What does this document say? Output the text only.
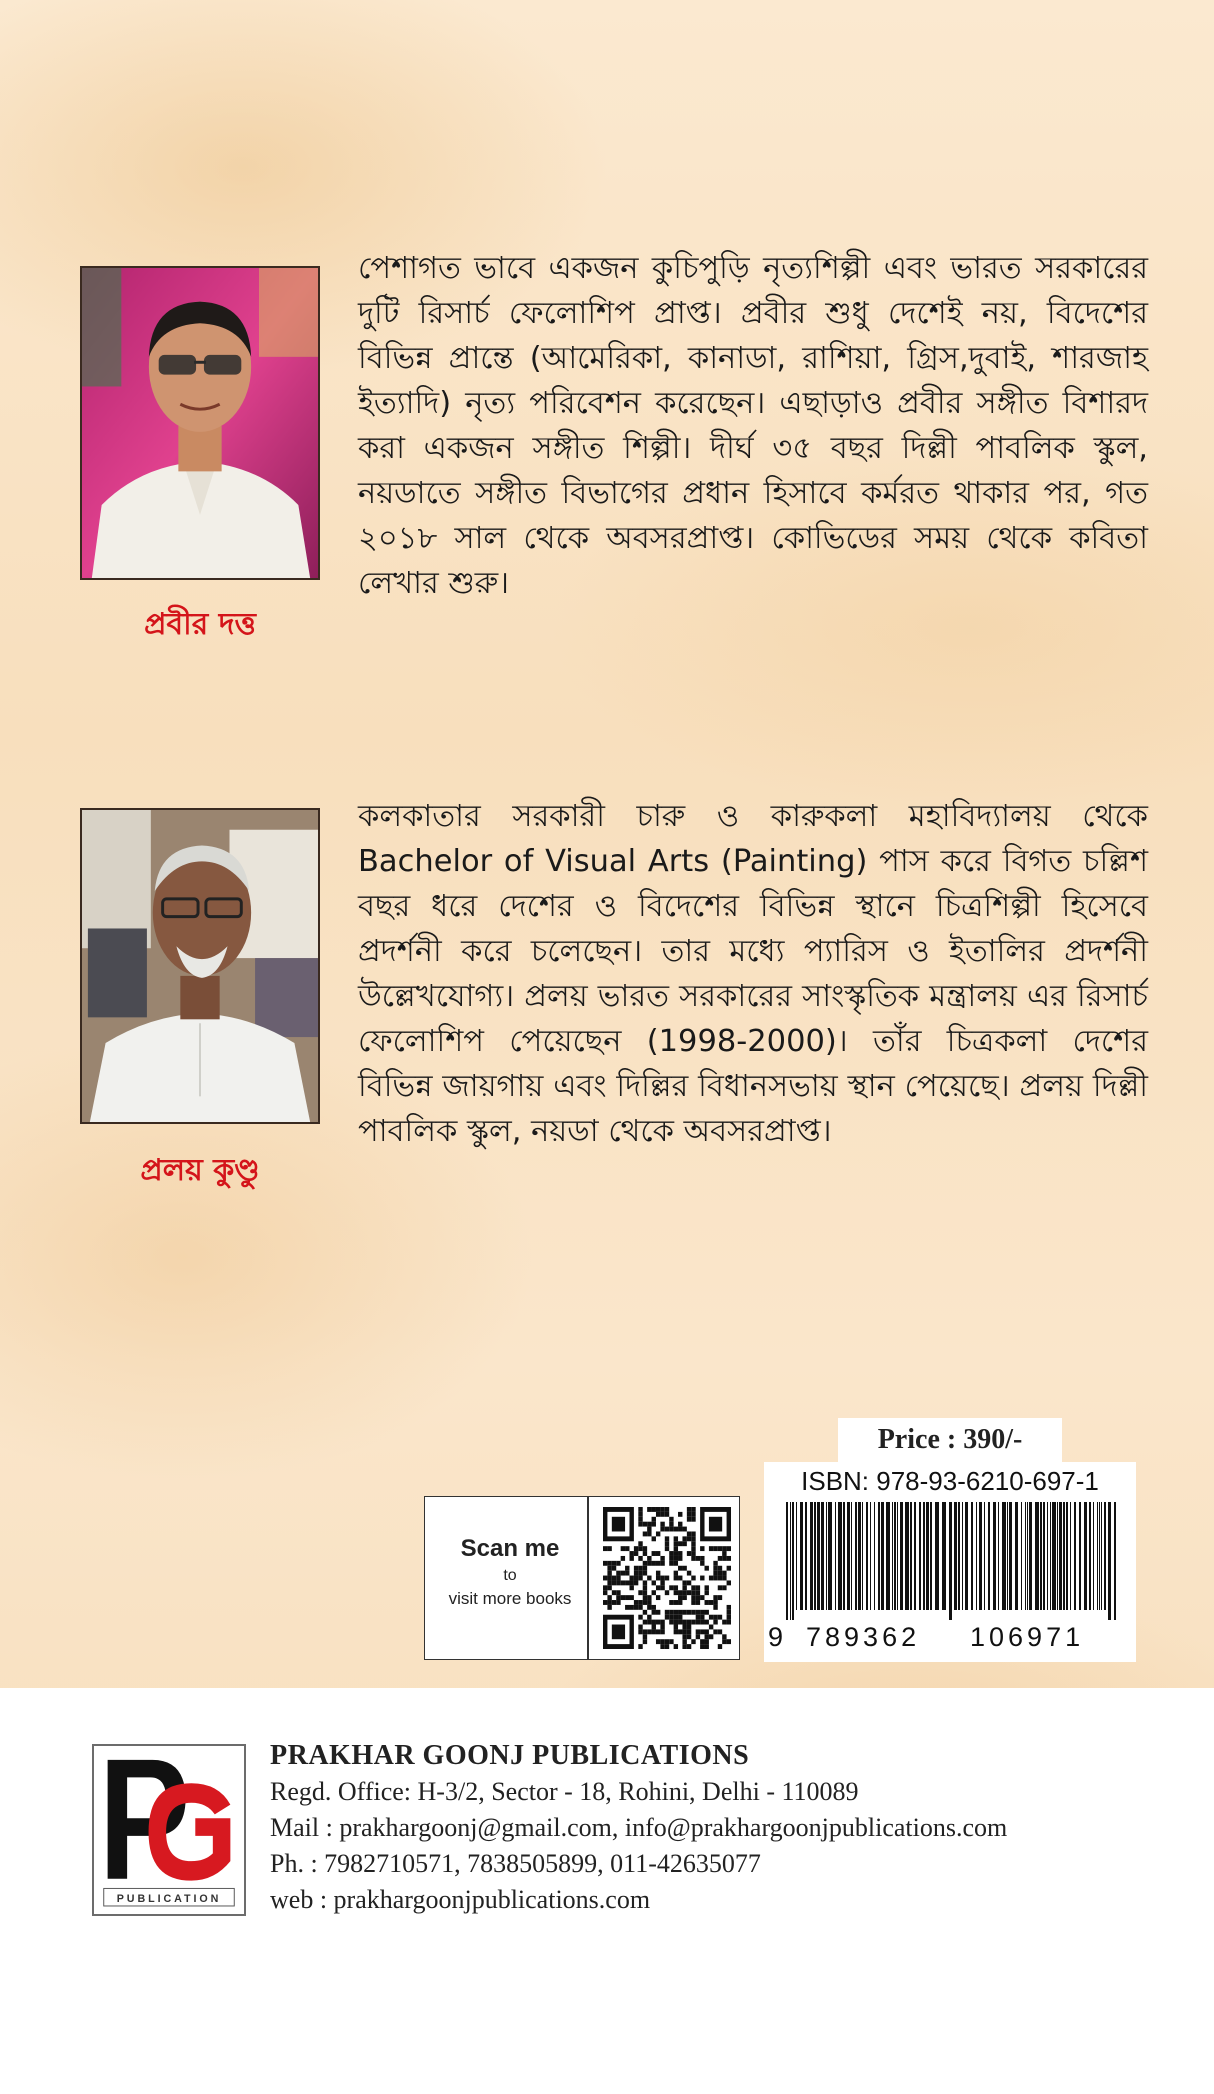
প্রবীর দত্ত

পেশাগত ভাবে একজন কুচিপুড়ি নৃত্যশিল্পী এবং ভারত সরকারের দুটি রিসার্চ ফেলোশিপ প্রাপ্ত। প্রবীর শুধু দেশেই নয়, বিদেশের বিভিন্ন প্রান্তে (আমেরিকা, কানাডা, রাশিয়া, গ্রিস,দুবাই, শারজাহ ইত্যাদি) নৃত্য পরিবেশন করেছেন। এছাড়াও প্রবীর সঙ্গীত বিশারদ করা একজন সঙ্গীত শিল্পী। দীর্ঘ ৩৫ বছর দিল্লী পাবলিক স্কুল, নয়ডাতে সঙ্গীত বিভাগের প্রধান হিসাবে কর্মরত থাকার পর, গত ২০১৮ সাল থেকে অবসরপ্রাপ্ত। কোভিডের সময় থেকে কবিতা লেখার শুরু।

প্রলয় কুণ্ডু

কলকাতার সরকারী চারু ও কারুকলা মহাবিদ্যালয় থেকে Bachelor of Visual Arts (Painting) পাস করে বিগত চল্লিশ বছর ধরে দেশের ও বিদেশের বিভিন্ন স্থানে চিত্রশিল্পী হিসেবে প্রদর্শনী করে চলেছেন। তার মধ্যে প্যারিস ও ইতালির প্রদর্শনী উল্লেখযোগ্য। প্রলয় ভারত সরকারের সাংস্কৃতিক মন্ত্রালয় এর রিসার্চ ফেলোশিপ পেয়েছেন (1998-2000)। তাঁর চিত্রকলা দেশের বিভিন্ন জায়গায় এবং দিল্লির বিধানসভায় স্থান পেয়েছে। প্রলয় দিল্লী পাবলিক স্কুল, নয়ডা থেকে অবসরপ্রাপ্ত।

Price : 390/-
ISBN: 978-93-6210-697-1
9 789362 106971
Scan me
to
visit more books
PUBLICATION
PRAKHAR GOONJ PUBLICATIONS
Regd. Office: H-3/2, Sector - 18, Rohini, Delhi - 110089
Mail : prakhargoonj@gmail.com, info@prakhargoonjpublications.com
Ph. : 7982710571, 7838505899, 011-42635077
web : prakhargoonjpublications.com
